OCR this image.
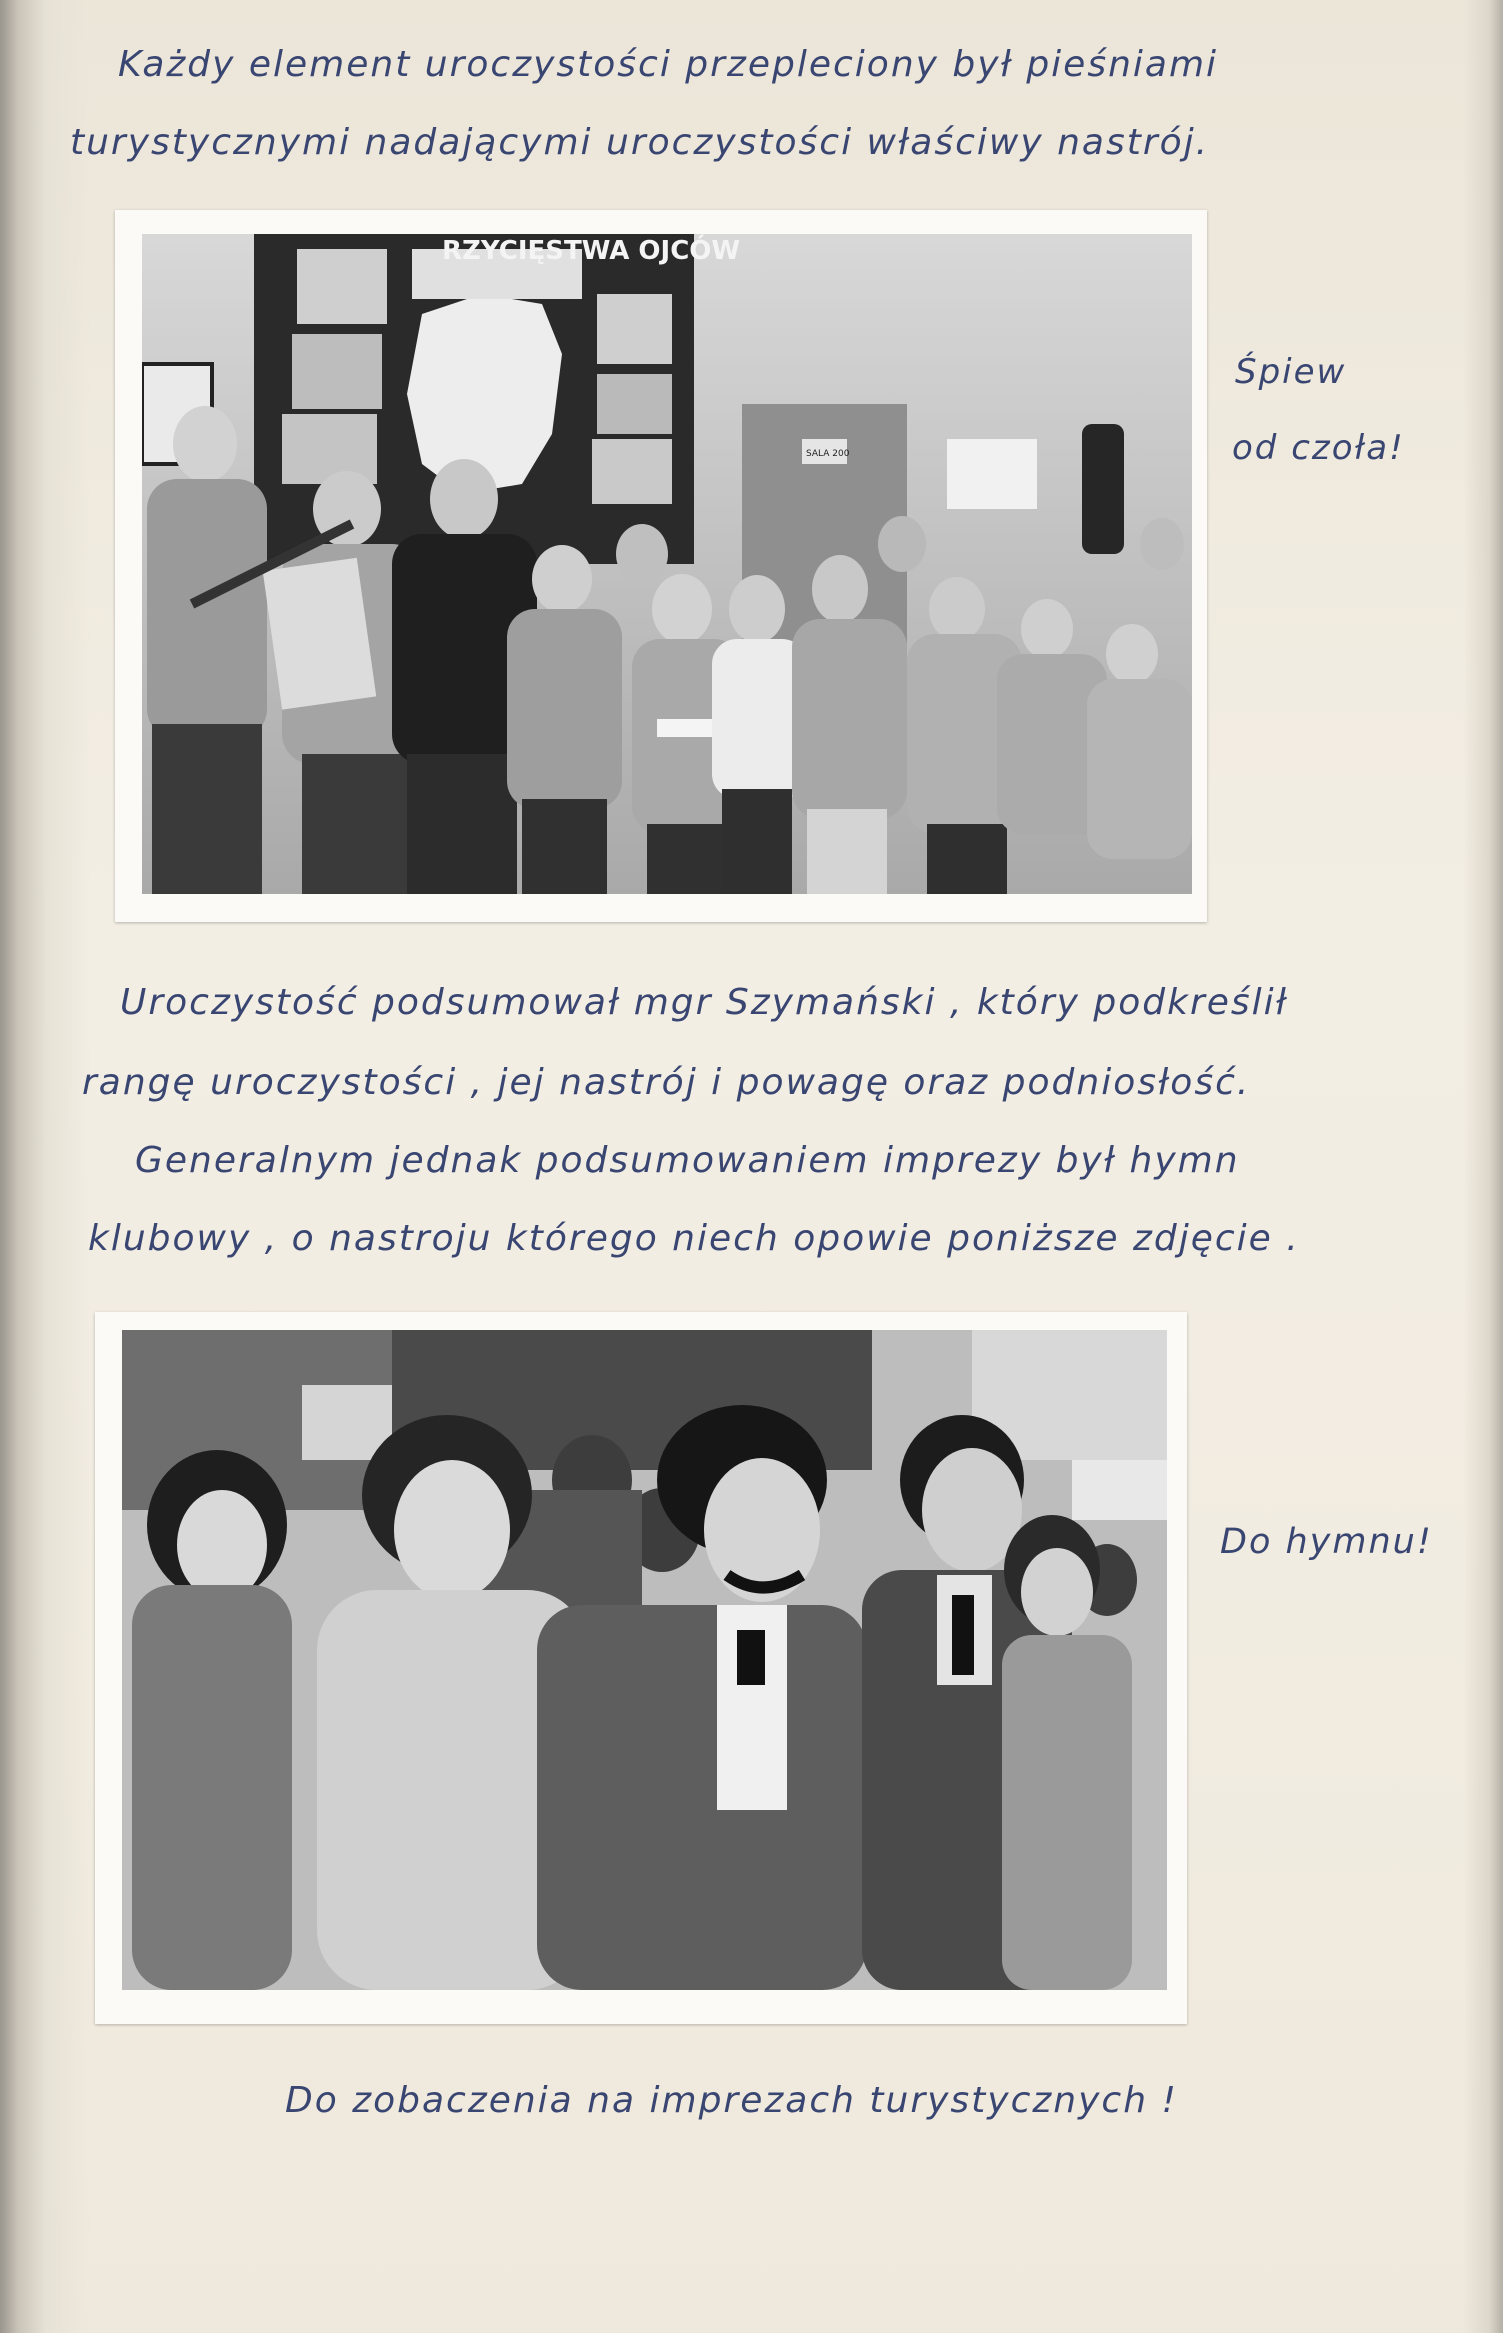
Każdy element uroczystości przepleciony był pieśniami
turystycznymi nadającymi uroczystości właściwy nastrój.
RZYCIĘSTWA OJCÓW
SALA 200
Śpiew
od czoła!
Uroczystość podsumował mgr Szymański , który podkreślił
rangę uroczystości , jej nastrój i powagę oraz podniosłość.
Generalnym jednak podsumowaniem imprezy był hymn
klubowy , o nastroju którego niech opowie poniższe zdjęcie .
Do hymnu!
Do zobaczenia na imprezach turystycznych !
